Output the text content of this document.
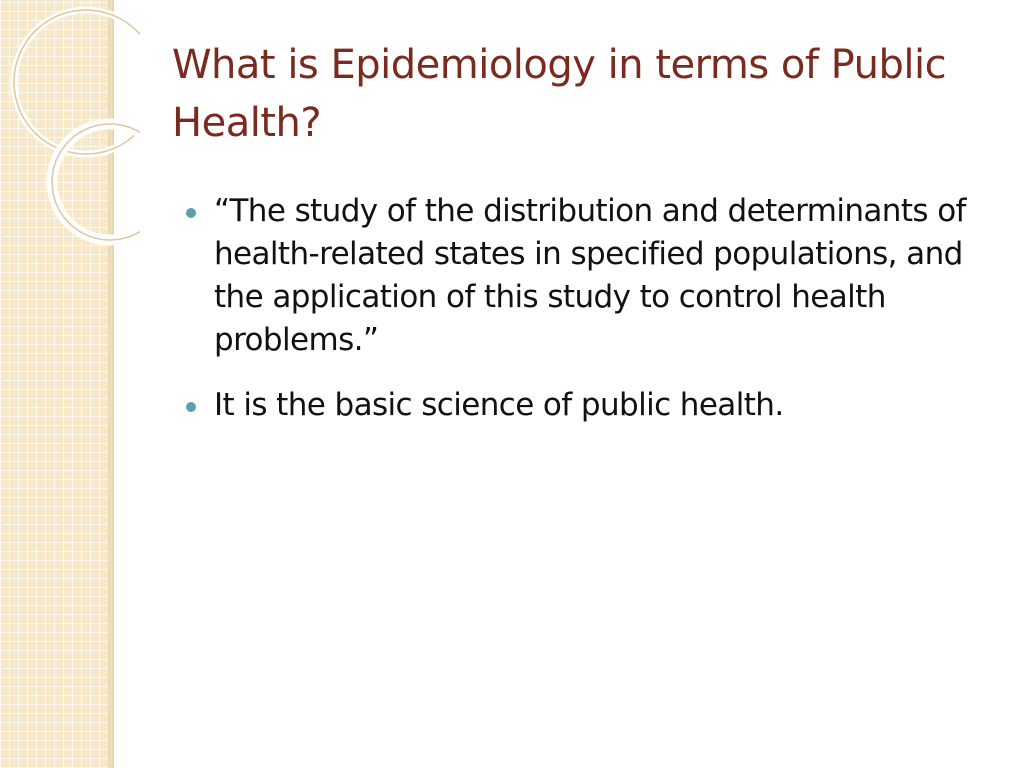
What is Epidemiology in terms of Public Health?
“The study of the distribution and determinants of health-related states in specified populations, and the application of this study to control health problems.”
It is the basic science of public health.
